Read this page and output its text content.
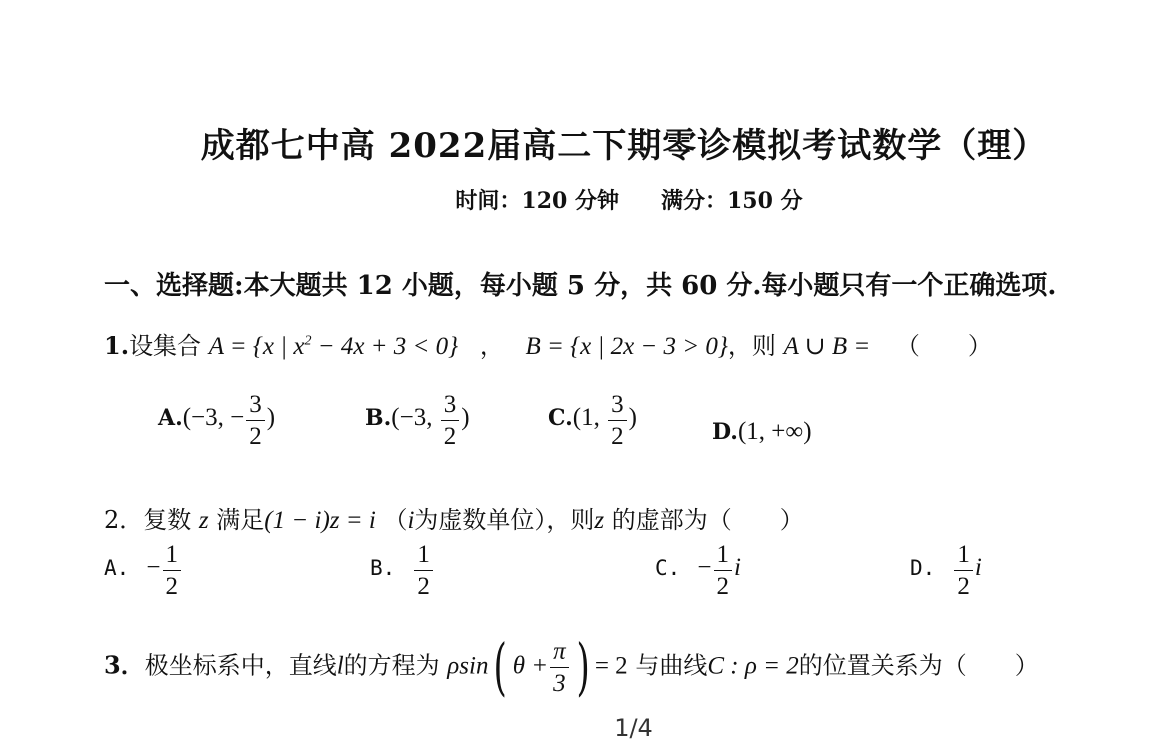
成都七中高 2022届高二下期零诊模拟考试数学（理）
时间：120 分钟 满分：150 分
一、选择题:本大题共 12 小题，每小题 5 分，共 60 分.每小题只有一个正确选项.
1.设集合 A = {x | $x^2 - 4x + 3 < 0$} ， B = {x | 2x − 3 > 0}，则 A ∪ B = （　　）
A.(−3, − $\frac{3}{2}$ )	B.(−3, $\frac{3}{2}$ )	C.(1, $\frac{3}{2}$ )
D.(1, +∞)
2．复数 z 满足(1 − i)z = i （i为虚数单位），则z 的虚部为（　　）
A. − $\frac{1}{2}$	B. $\frac{1}{2}$	C. − $\frac{1}{2}$ i	D. $\frac{1}{2}$ i
3．极坐标系中，直线l的方程为 ρsin( $\theta + \frac{\pi}{3}$ ) = 2 与曲线C : ρ = 2的位置关系为（　　）
1/4
